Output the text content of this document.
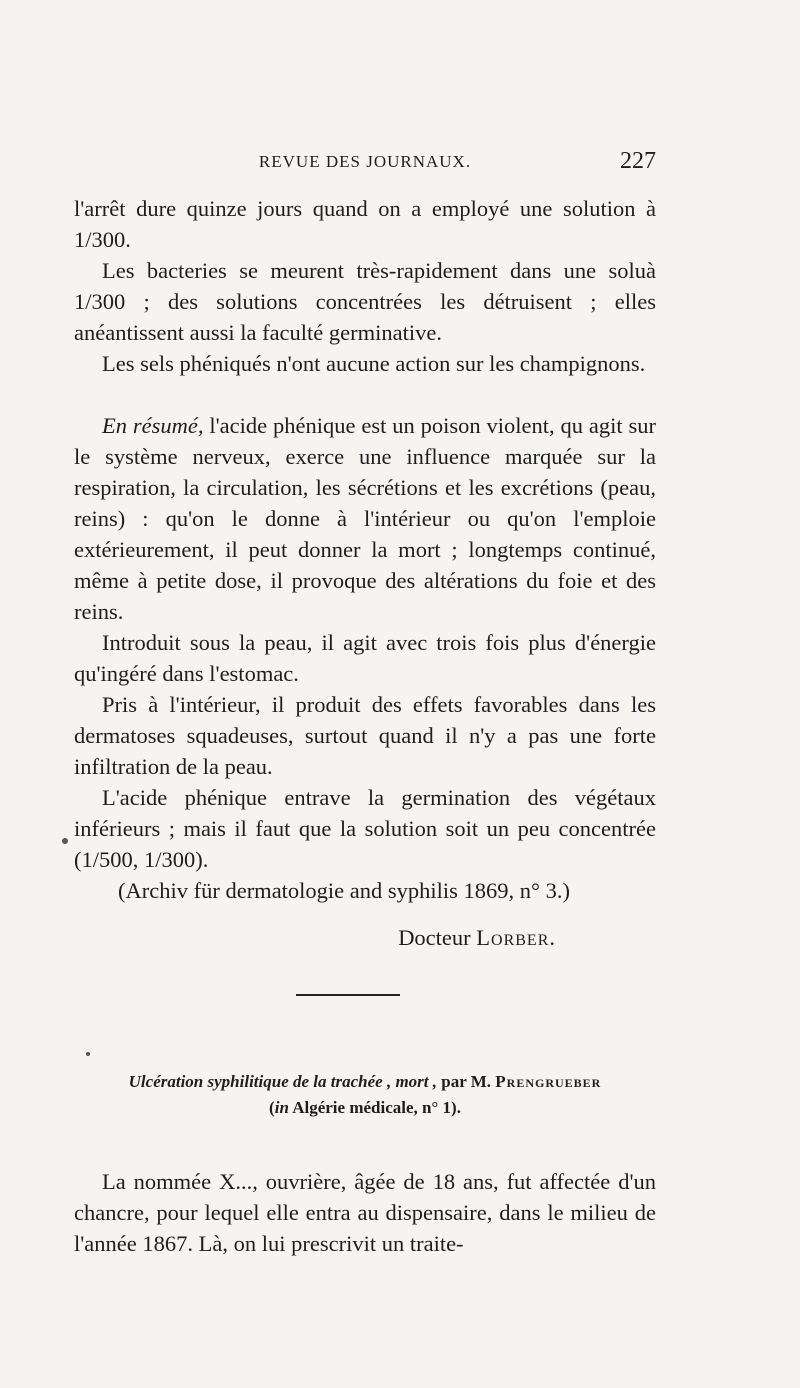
REVUE DES JOURNAUX.	227

l'arrêt dure quinze jours quand on a employé une solution à 1/300.

Les bacteries se meurent très-rapidement dans une soluà 1/300 ; des solutions concentrées les détruisent ; elles anéantissent aussi la faculté germinative.

Les sels phéniqués n'ont aucune action sur les champignons.

En résumé, l'acide phénique est un poison violent, qu agit sur le système nerveux, exerce une influence marquée sur la respiration, la circulation, les sécrétions et les excrétions (peau, reins) : qu'on le donne à l'intérieur ou qu'on l'emploie extérieurement, il peut donner la mort ; longtemps continué, même à petite dose, il provoque des altérations du foie et des reins.

Introduit sous la peau, il agit avec trois fois plus d'énergie qu'ingéré dans l'estomac.

Pris à l'intérieur, il produit des effets favorables dans les dermatoses squadeuses, surtout quand il n'y a pas une forte infiltration de la peau.

L'acide phénique entrave la germination des végétaux inférieurs ; mais il faut que la solution soit un peu concentrée (1/500, 1/300).

(Archiv für dermatologie and syphilis 1869, n° 3.)

Docteur Lorber.

Ulcération syphilitique de la trachée , mort , par M. Prengrueber
(in Algérie médicale, n° 1).

La nommée X..., ouvrière, âgée de 18 ans, fut affectée d'un chancre, pour lequel elle entra au dispensaire, dans le milieu de l'année 1867. Là, on lui prescrivit un traite-
